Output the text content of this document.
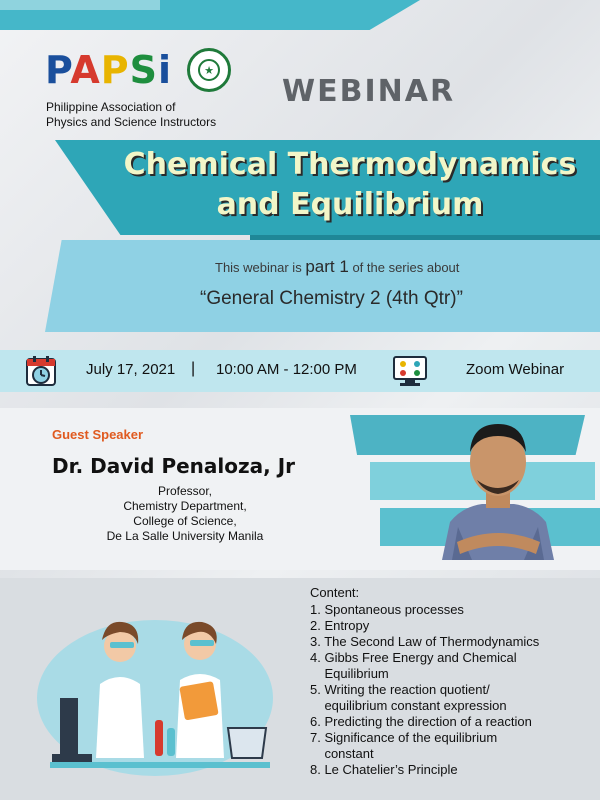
PAPSi	★
Philippine Association of
Physics and Science Instructors
WEBINAR
Chemical Thermodynamics
and Equilibrium
This webinar is part 1 of the series about
“General Chemistry 2 (4th Qtr)”
July 17, 2021 | 10:00 AM - 12:00 PM	Zoom Webinar
Guest Speaker
Dr. David Penaloza, Jr
Professor,
Chemistry Department,
College of Science,
De La Salle University Manila
Content:
1. Spontaneous processes
2. Entropy
3. The Second Law of Thermodynamics
4. Gibbs Free Energy and Chemical
Equilibrium
5. Writing the reaction quotient/
equilibrium constant expression
6. Predicting the direction of a reaction
7. Significance of the equilibrium
constant
8. Le Chatelier’s Principle
